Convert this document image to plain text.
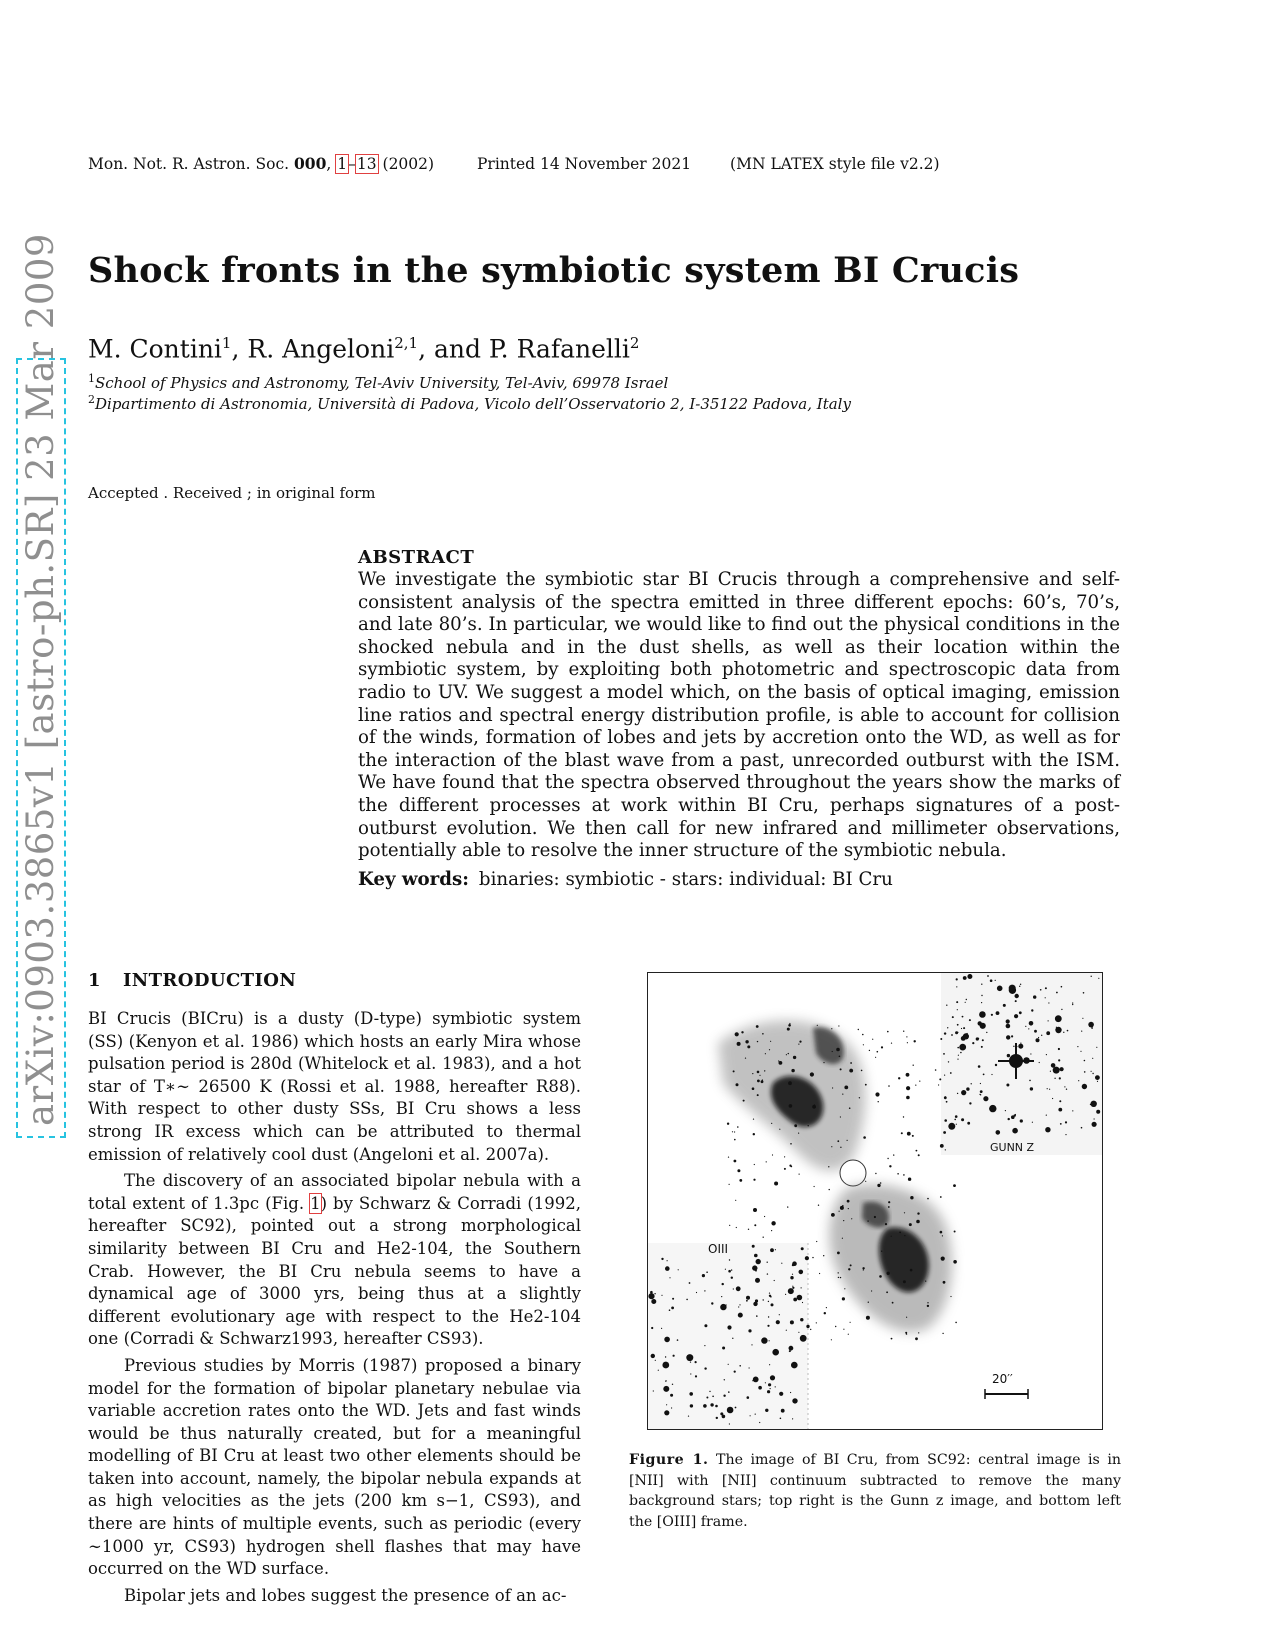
Mon. Not. R. Astron. Soc. 000, 1–13 (2002)	Printed 14 November 2021	(MN LATEX style file v2.2)
Shock fronts in the symbiotic system BI Crucis
M. Contini$^1$, R. Angeloni$^{2,1}$, and P. Rafanelli$^2$
$^1$School of Physics and Astronomy, Tel-Aviv University, Tel-Aviv, 69978 Israel
$^2$Dipartimento di Astronomia, Università di Padova, Vicolo dell’Osservatorio 2, I-35122 Padova, Italy
Accepted . Received ; in original form
arXiv:0903.3865v1 [astro-ph.SR] 23 Mar 2009	ABSTRACT

We investigate the symbiotic star BI Crucis through a comprehensive and self-consistent analysis of the spectra emitted in three different epochs: 60’s, 70’s, and late 80’s. In particular, we would like to find out the physical conditions in the shocked nebula and in the dust shells, as well as their location within the symbiotic system, by exploiting both photometric and spectroscopic data from radio to UV. We suggest a model which, on the basis of optical imaging, emission line ratios and spectral energy distribution profile, is able to account for collision of the winds, formation of lobes and jets by accretion onto the WD, as well as for the interaction of the blast wave from a past, unrecorded outburst with the ISM. We have found that the spectra observed throughout the years show the marks of the different processes at work within BI Cru, perhaps signatures of a post-outburst evolution. We then call for new infrared and millimeter observations, potentially able to resolve the inner structure of the symbiotic nebula.

Key words: binaries: symbiotic - stars: individual: BI Cru

1 INTRODUCTION

BI Crucis (BICru) is a dusty (D-type) symbiotic system (SS) (Kenyon et al. 1986) which hosts an early Mira whose pulsation period is 280d (Whitelock et al. 1983), and a hot star of T∗∼ 26500 K (Rossi et al. 1988, hereafter R88). With respect to other dusty SSs, BI Cru shows a less strong IR excess which can be attributed to thermal emission of relatively cool dust (Angeloni et al. 2007a).

The discovery of an associated bipolar nebula with a total extent of 1.3pc (Fig. 1) by Schwarz & Corradi (1992, hereafter SC92), pointed out a strong morphological similarity between BI Cru and He2-104, the Southern Crab. However, the BI Cru nebula seems to have a dynamical age of 3000 yrs, being thus at a slightly different evolutionary age with respect to the He2-104 one (Corradi & Schwarz1993, hereafter CS93).

Previous studies by Morris (1987) proposed a binary model for the formation of bipolar planetary nebulae via variable accretion rates onto the WD. Jets and fast winds would be thus naturally created, but for a meaningful modelling of BI Cru at least two other elements should be taken into account, namely, the bipolar nebula expands at as high velocities as the jets (200 km s−1, CS93), and there are hints of multiple events, such as periodic (every ∼1000 yr, CS93) hydrogen shell flashes that may have occurred on the WD surface.

Bipolar jets and lobes suggest the presence of an ac-

GUNN Z
OIII
20′′
Figure 1. The image of BI Cru, from SC92: central image is in [NII] with [NII] continuum subtracted to remove the many background stars; top right is the Gunn z image, and bottom left the [OIII] frame.
